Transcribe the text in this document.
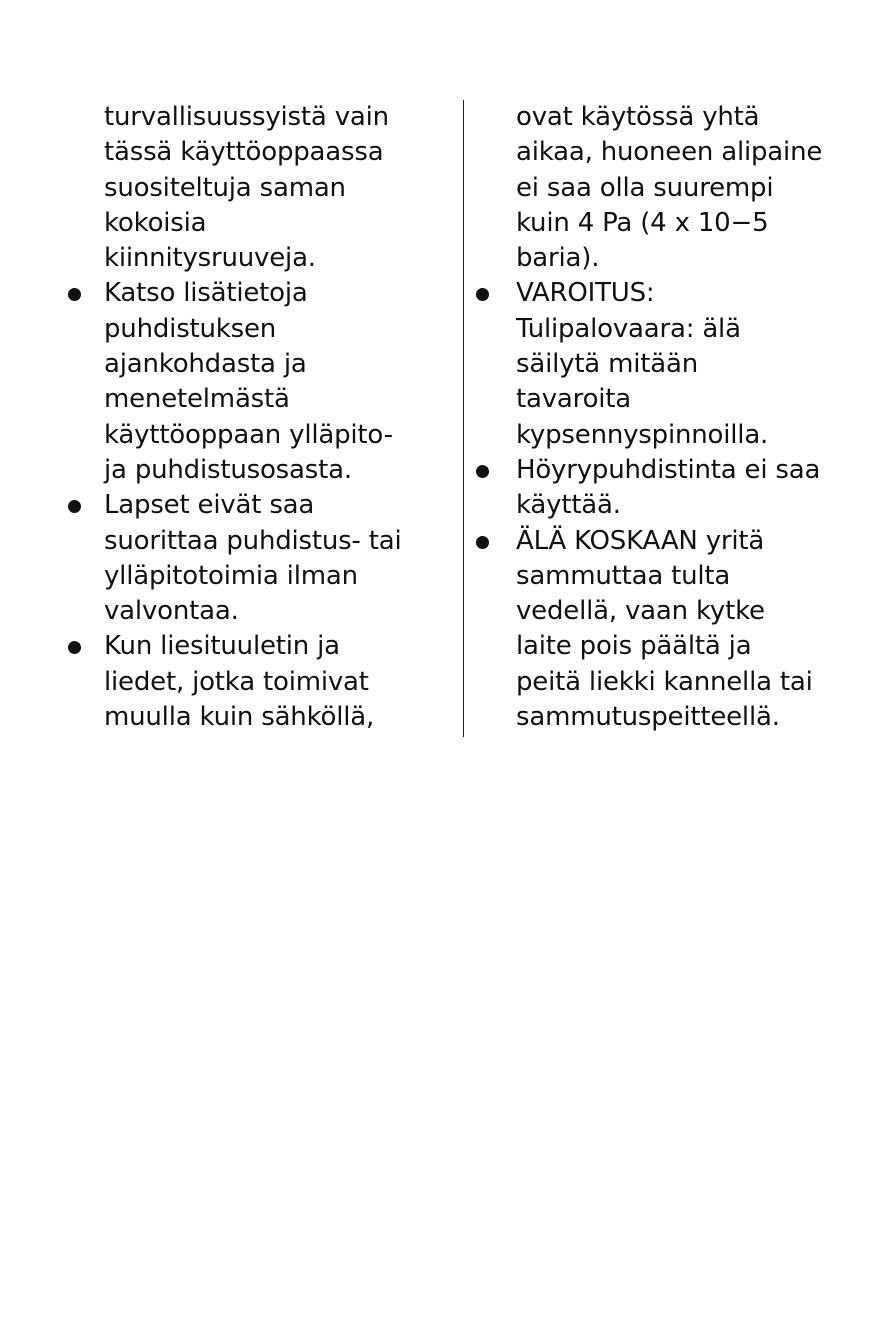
turvallisuussyistä vain
tässä käyttöoppaassa
suositeltuja saman
kokoisia
kiinnitysruuveja.
Katso lisätietoja
puhdistuksen
ajankohdasta ja
menetelmästä
käyttöoppaan ylläpito-
ja puhdistusosasta.
Lapset eivät saa
suorittaa puhdistus- tai
ylläpitotoimia ilman
valvontaa.
Kun liesituuletin ja
liedet, jotka toimivat
muulla kuin sähköllä,
ovat käytössä yhtä
aikaa, huoneen alipaine
ei saa olla suurempi
kuin 4 Pa (4 x 10−5
baria).
VAROITUS:
Tulipalovaara: älä
säilytä mitään
tavaroita
kypsennyspinnoilla.
Höyrypuhdistinta ei saa
käyttää.
ÄLÄ KOSKAAN yritä
sammuttaa tulta
vedellä, vaan kytke
laite pois päältä ja
peitä liekki kannella tai
sammutuspeitteellä.
